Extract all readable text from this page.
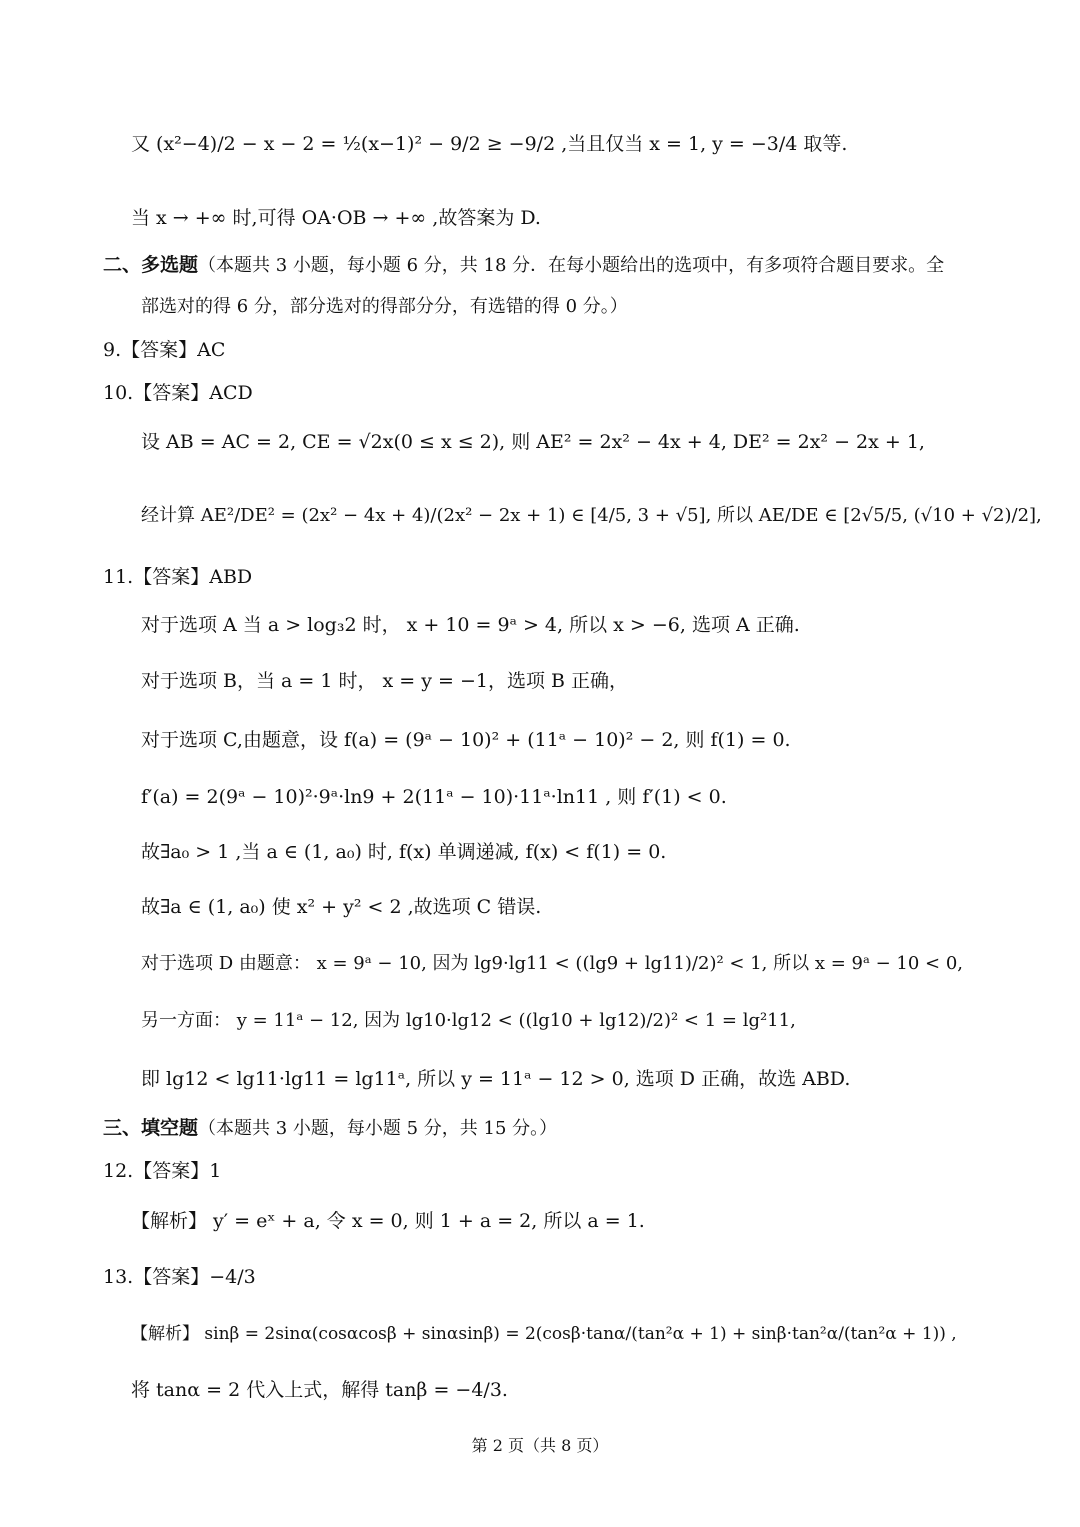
又 (x²−4)/2 − x − 2 = ½(x−1)² − 9/2 ≥ −9/2 ,当且仅当 x = 1, y = −3/4 取等.
当 x → +∞ 时,可得 OA·OB → +∞ ,故答案为 D.
二、多选题 （本题共 3 小题，每小题 6 分，共 18 分．在每小题给出的选项中，有多项符合题目要求。全
部选对的得 6 分，部分选对的得部分分，有选错的得 0 分。）
9.【答案】AC
10.【答案】ACD
设 AB = AC = 2, CE = √2x(0 ≤ x ≤ 2), 则 AE² = 2x² − 4x + 4, DE² = 2x² − 2x + 1,
经计算 AE²/DE² = (2x² − 4x + 4)/(2x² − 2x + 1) ∈ [4/5, 3 + √5], 所以 AE/DE ∈ [2√5/5, (√10 + √2)/2],
11.【答案】ABD
对于选项 A 当 a > log₃2 时， x + 10 = 9ᵃ > 4, 所以 x > −6, 选项 A 正确.
对于选项 B，当 a = 1 时， x = y = −1，选项 B 正确，
对于选项 C,由题意，设 f(a) = (9ᵃ − 10)² + (11ᵃ − 10)² − 2, 则 f(1) = 0.
f′(a) = 2(9ᵃ − 10)²·9ᵃ·ln9 + 2(11ᵃ − 10)·11ᵃ·ln11 , 则 f′(1) < 0.
故∃a₀ > 1 ,当 a ∈ (1, a₀) 时, f(x) 单调递减, f(x) < f(1) = 0.
故∃a ∈ (1, a₀) 使 x² + y² < 2 ,故选项 C 错误.
对于选项 D 由题意： x = 9ᵃ − 10, 因为 lg9·lg11 < ((lg9 + lg11)/2)² < 1, 所以 x = 9ᵃ − 10 < 0,
另一方面： y = 11ᵃ − 12, 因为 lg10·lg12 < ((lg10 + lg12)/2)² < 1 = lg²11,
即 lg12 < lg11·lg11 = lg11ᵃ, 所以 y = 11ᵃ − 12 > 0, 选项 D 正确，故选 ABD.
三、填空题 （本题共 3 小题，每小题 5 分，共 15 分。）
12.【答案】1
【解析】 y′ = eˣ + a, 令 x = 0, 则 1 + a = 2, 所以 a = 1.
13.【答案】−4/3
【解析】 sinβ = 2sinα(cosαcosβ + sinαsinβ) = 2(cosβ·tanα/(tan²α + 1) + sinβ·tan²α/(tan²α + 1)) ,
将 tanα = 2 代入上式，解得 tanβ = −4/3.
第 2 页（共 8 页）
